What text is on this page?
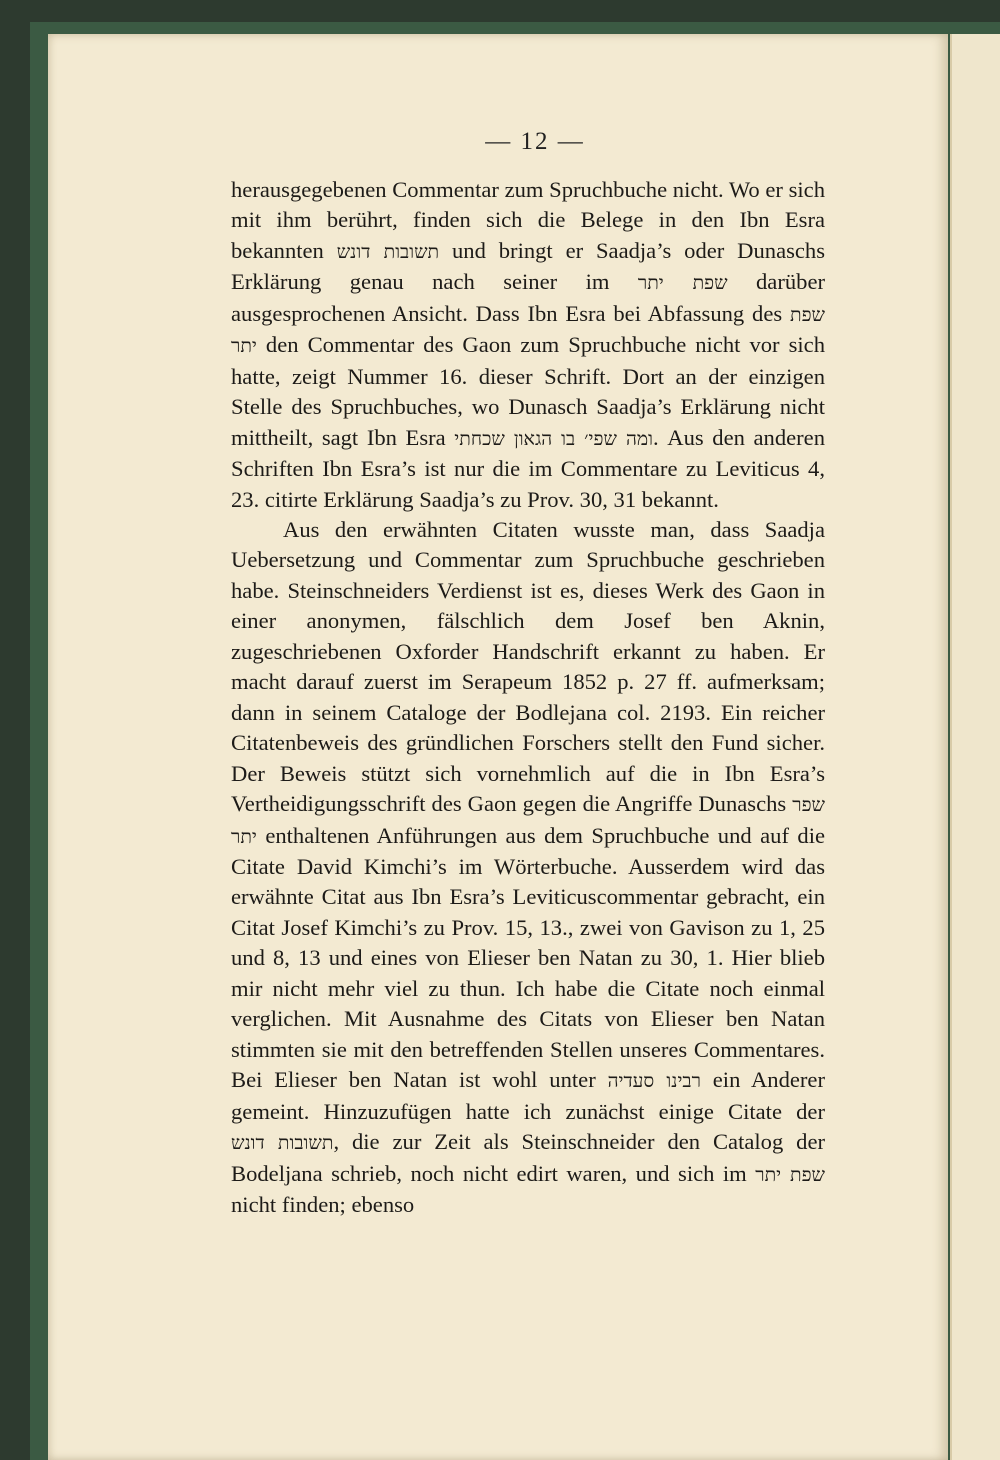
— 12 —

herausgegebenen Commentar zum Spruchbuche nicht. Wo er sich mit ihm berührt, finden sich die Belege in den Ibn Esra bekannten תשובות דונש und bringt er Saadja’s oder Dunaschs Erklärung genau nach seiner im שפת יתר darüber ausgesprochenen Ansicht. Dass Ibn Esra bei Abfassung des שפת יתר den Commentar des Gaon zum Spruchbuche nicht vor sich hatte, zeigt Nummer 16. dieser Schrift. Dort an der einzigen Stelle des Spruchbuches, wo Dunasch Saadja’s Erklärung nicht mittheilt, sagt Ibn Esra ומה שפי׳ בו הגאון שכחתי. Aus den anderen Schriften Ibn Esra’s ist nur die im Commentare zu Leviticus 4, 23. citirte Erklärung Saadja’s zu Prov. 30, 31 bekannt.

Aus den erwähnten Citaten wusste man, dass Saadja Uebersetzung und Commentar zum Spruchbuche geschrieben habe. Steinschneiders Verdienst ist es, dieses Werk des Gaon in einer anonymen, fälschlich dem Josef ben Aknin, zugeschriebenen Oxforder Handschrift erkannt zu haben. Er macht darauf zuerst im Serapeum 1852 p. 27 ff. aufmerksam; dann in seinem Cataloge der Bodlejana col. 2193. Ein reicher Citatenbeweis des gründlichen Forschers stellt den Fund sicher. Der Beweis stützt sich vornehmlich auf die in Ibn Esra’s Vertheidigungsschrift des Gaon gegen die Angriffe Dunaschs שפר יתר enthaltenen Anführungen aus dem Spruchbuche und auf die Citate David Kimchi’s im Wörterbuche. Ausserdem wird das erwähnte Citat aus Ibn Esra’s Leviticuscommentar gebracht, ein Citat Josef Kimchi’s zu Prov. 15, 13., zwei von Gavison zu 1, 25 und 8, 13 und eines von Elieser ben Natan zu 30, 1. Hier blieb mir nicht mehr viel zu thun. Ich habe die Citate noch einmal verglichen. Mit Ausnahme des Citats von Elieser ben Natan stimmten sie mit den betreffenden Stellen unseres Commentares. Bei Elieser ben Natan ist wohl unter רבינו סעדיה ein Anderer gemeint. Hinzuzufügen hatte ich zunächst einige Citate der תשובות דונש, die zur Zeit als Steinschneider den Catalog der Bodeljana schrieb, noch nicht edirt waren, und sich im שפת יתר nicht finden; ebenso
